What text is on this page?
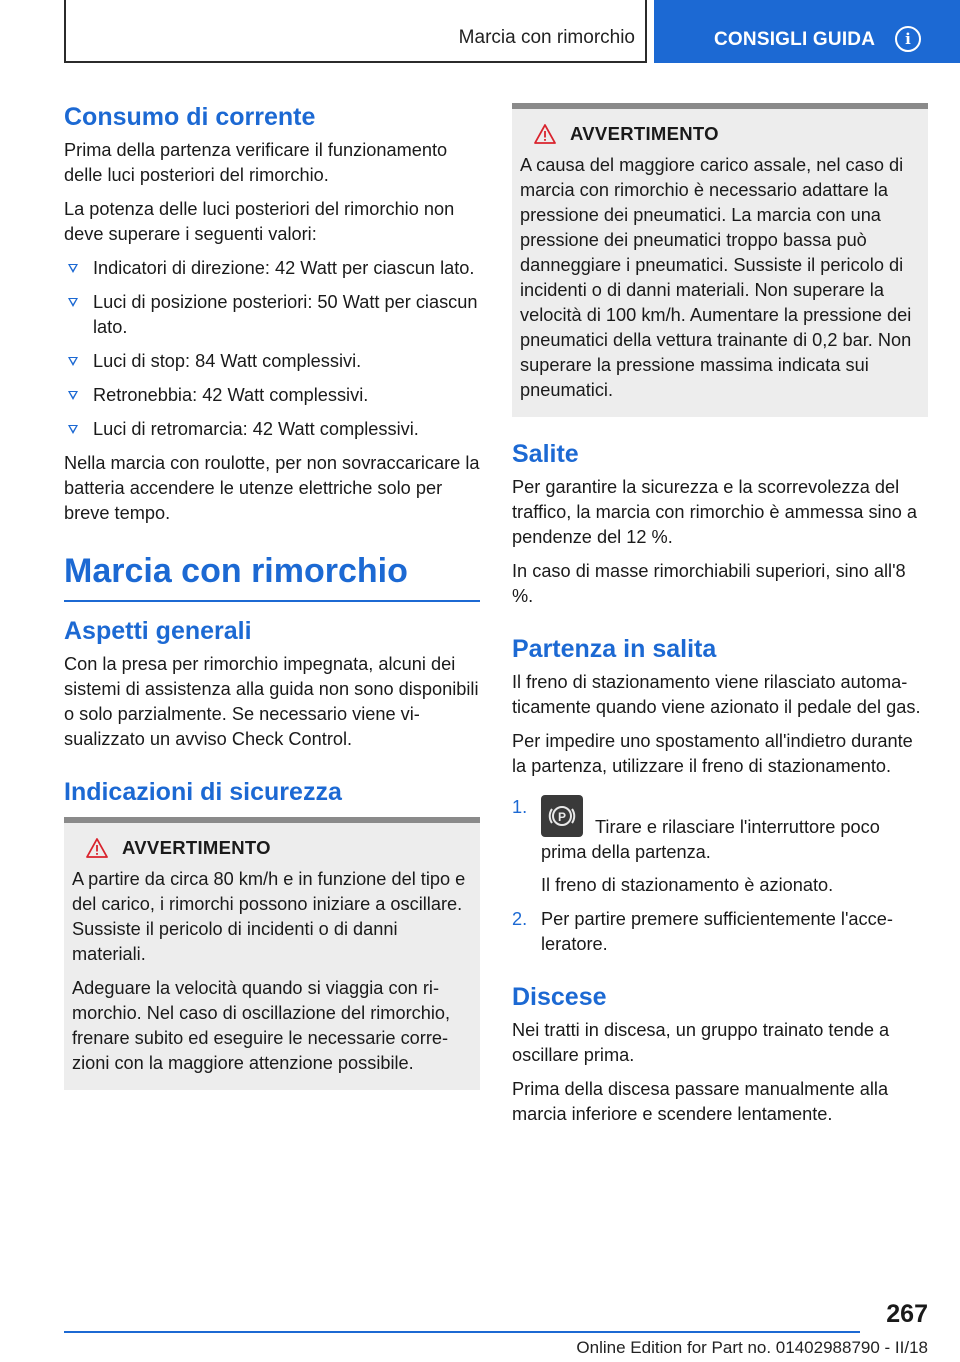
Marcia con rimorchio	CONSIGLI GUIDA	i
Consumo di corrente

Prima della partenza verificare il funzionamento delle luci posteriori del rimorchio.

La potenza delle luci posteriori del rimorchio non deve superare i seguenti valori:

Indicatori di direzione: 42 Watt per ciascun lato.
Luci di posizione posteriori: 50 Watt per ciascun lato.
Luci di stop: 84 Watt complessivi.
Retronebbia: 42 Watt complessivi.
Luci di retromarcia: 42 Watt complessivi.

Nella marcia con roulotte, per non sovraccaricare la batteria accendere le utenze elettriche solo per breve tempo.

Marcia con rimorchio
Aspetti generali

Con la presa per rimorchio impegnata, alcuni dei sistemi di assistenza alla guida non sono disponibili o solo parzialmente. Se necessario viene visualizzato un avviso Check Control.

Indicazioni di sicurezza
AVVERTIMENTO

A partire da circa 80 km/h e in funzione del tipo e del carico, i rimorchi possono iniziare a oscillare. Sussiste il pericolo di incidenti o di danni materiali.

Adeguare la velocità quando si viaggia con rimorchio. Nel caso di oscillazione del rimorchio, frenare subito ed eseguire le necessarie correzioni con la maggiore attenzione possibile.

AVVERTIMENTO

A causa del maggiore carico assale, nel caso di marcia con rimorchio è necessario adattare la pressione dei pneumatici. La marcia con una pressione dei pneumatici troppo bassa può danneggiare i pneumatici. Sussiste il pericolo di incidenti o di danni materiali. Non superare la velocità di 100 km/h. Aumentare la pressione dei pneumatici della vettura trainante di 0,2 bar. Non superare la pressione massima indicata sui pneumatici.

Salite

Per garantire la sicurezza e la scorrevolezza del traffico, la marcia con rimorchio è ammessa sino a pendenze del 12 %.

In caso di masse rimorchiabili superiori, sino all'8 %.

Partenza in salita

Il freno di stazionamento viene rilasciato automaticamente quando viene azionato il pedale del gas.

Per impedire uno spostamento all'indietro durante la partenza, utilizzare il freno di stazionamento.

1.	P Tirare e rilasciare l'interruttore poco prima della partenza.
Il freno di stazionamento è azionato.
2. Per partire premere sufficientemente l'acceleratore.
Discese

Nei tratti in discesa, un gruppo trainato tende a oscillare prima.

Prima della discesa passare manualmente alla marcia inferiore e scendere lentamente.

267
Online Edition for Part no. 01402988790 - II/18
